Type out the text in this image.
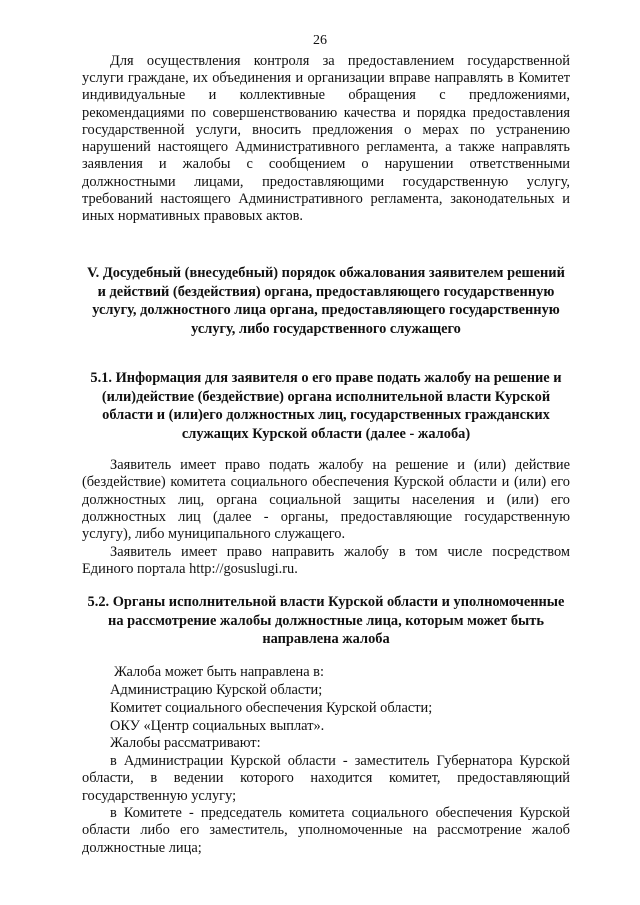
26
Для осуществления контроля за предоставлением государственной
услуги граждане, их объединения и организации вправе направлять в Комитет индивидуальные и коллективные обращения с предложениями, рекомендациями по совершенствованию качества и порядка предоставления государственной услуги, вносить предложения о мерах по устранению нарушений настоящего Административного регламента, а также направлять заявления и жалобы с сообщением о нарушении ответственными должностными лицами, предоставляющими государственную услугу, требований настоящего Административного регламента, законодательных и иных нормативных правовых актов.
V. Досудебный (внесудебный) порядок обжалования заявителем решений и действий (бездействия) органа, предоставляющего государственную услугу, должностного лица органа, предоставляющего государственную услугу, либо государственного служащего
5.1. Информация для заявителя о его праве подать жалобу на решение и (или)действие (бездействие) органа исполнительной власти Курской области и (или)его должностных лиц, государственных гражданских служащих Курской области (далее - жалоба)
Заявитель имеет право подать жалобу на решение и (или) действие (бездействие) комитета социального обеспечения Курской области и (или) его должностных лиц, органа социальной защиты населения и (или) его должностных лиц (далее - органы, предоставляющие государственную услугу), либо муниципального служащего.
Заявитель имеет право направить жалобу в том числе посредством Единого портала http://gosuslugi.ru.
5.2. Органы исполнительной власти Курской области и уполномоченные на рассмотрение жалобы должностные лица, которым может быть направлена жалоба
Жалоба может быть направлена в:
Администрацию Курской области;
Комитет социального обеспечения Курской области;
ОКУ «Центр социальных выплат».
Жалобы рассматривают:
в Администрации Курской области - заместитель Губернатора Курской области, в ведении которого находится комитет, предоставляющий государственную услугу;
в Комитете - председатель комитета социального обеспечения Курской области либо его заместитель, уполномоченные на рассмотрение жалоб должностные лица;
